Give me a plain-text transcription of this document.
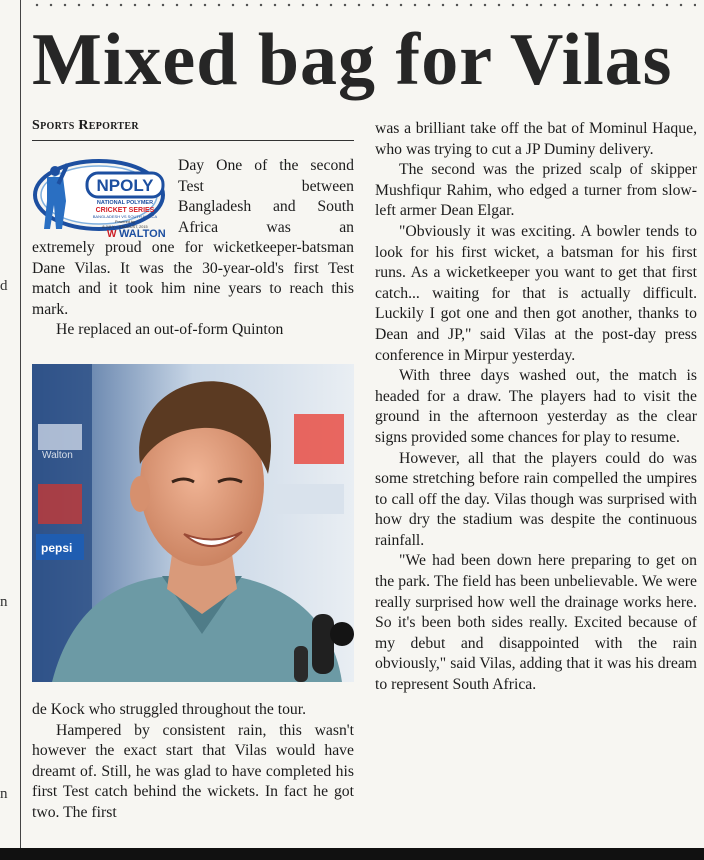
d
n
n
Mixed bag for Vilas
Sports Reporter
NPOLY
NATIONAL POLYMER
CRICKET SERIES
BANGLADESH VS SOUTH AFRICA
Powered by
8 JULY – 3 AUGUST, 2015
W WALTON
Day One of the second
Test between
Bangladesh and South
Africa was an

extremely proud one for wicketkeeper-batsman Dane Vilas. It was the 30-year-old's first Test match and it took him nine years to reach this mark.

He replaced an out-of-form Quinton

Walton
pepsi

de Kock who struggled throughout the tour.

Hampered by consistent rain, this wasn't however the exact start that Vilas would have dreamt of. Still, he was glad to have completed his first Test catch behind the wickets. In fact he got two. The first

was a brilliant take off the bat of Mominul Haque, who was trying to cut a JP Duminy delivery.

The second was the prized scalp of skipper Mushfiqur Rahim, who edged a turner from slow-left armer Dean Elgar.

"Obviously it was exciting. A bowler tends to look for his first wicket, a batsman for his first runs. As a wicketkeeper you want to get that first catch... waiting for that is actually difficult. Luckily I got one and then got another, thanks to Dean and JP," said Vilas at the post-day press conference in Mirpur yesterday.

With three days washed out, the match is headed for a draw. The players had to visit the ground in the afternoon yesterday as the clear signs provided some chances for play to resume.

However, all that the players could do was some stretching before rain compelled the umpires to call off the day. Vilas though was surprised with how dry the stadium was despite the continuous rainfall.

"We had been down here preparing to get on the park. The field has been unbelievable. We were really surprised how well the drainage works here. So it's been both sides really. Excited because of my debut and disappointed with the rain obviously," said Vilas, adding that it was his dream to represent South Africa.
